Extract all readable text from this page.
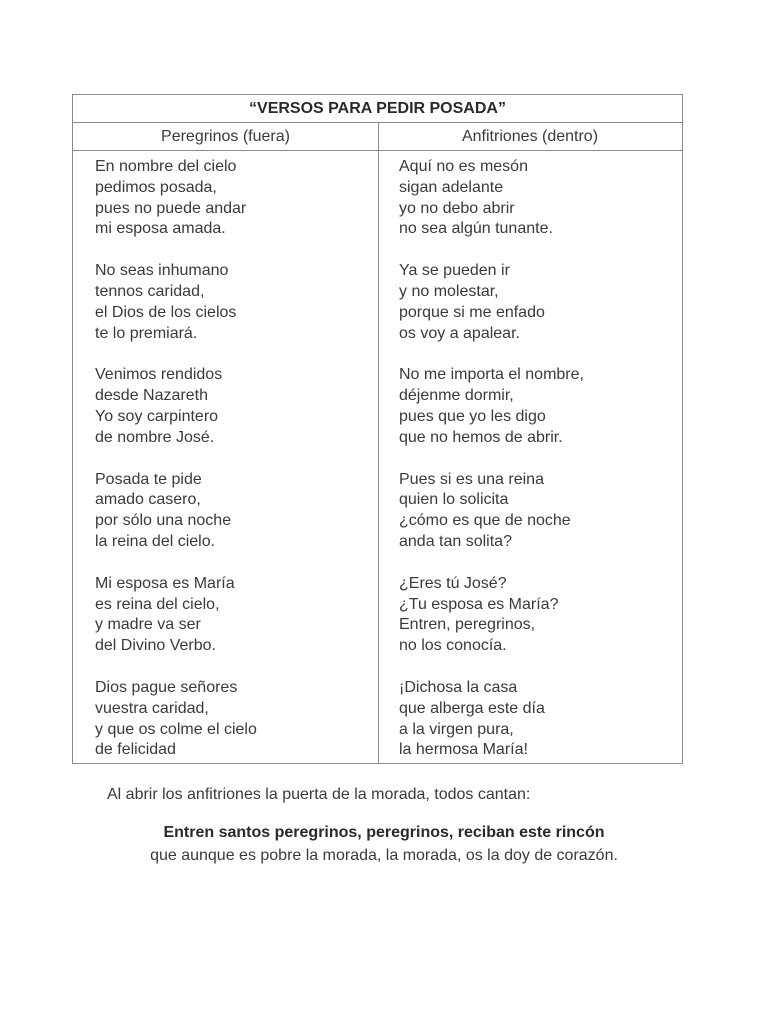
“VERSOS PARA PEDIR POSADA”
Peregrinos (fuera)	Anfitriones (dentro)
En nombre del cielo
pedimos posada,
pues no puede andar
mi esposa amada.
No seas inhumano
tennos caridad,
el Dios de los cielos
te lo premiará.
Venimos rendidos
desde Nazareth
Yo soy carpintero
de nombre José.
Posada te pide
amado casero,
por sólo una noche
la reina del cielo.
Mi esposa es María
es reina del cielo,
y madre va ser
del Divino Verbo.
Dios pague señores
vuestra caridad,
y que os colme el cielo
de felicidad
Aquí no es mesón
sigan adelante
yo no debo abrir
no sea algún tunante.
Ya se pueden ir
y no molestar,
porque si me enfado
os voy a apalear.
No me importa el nombre,
déjenme dormir,
pues que yo les digo
que no hemos de abrir.
Pues si es una reina
quien lo solicita
¿cómo es que de noche
anda tan solita?
¿Eres tú José?
¿Tu esposa es María?
Entren, peregrinos,
no los conocía.
¡Dichosa la casa
que alberga este día
a la virgen pura,
la hermosa María!
Al abrir los anfitriones la puerta de la morada, todos cantan:
Entren santos peregrinos, peregrinos, reciban este rincón
que aunque es pobre la morada, la morada, os la doy de corazón.
